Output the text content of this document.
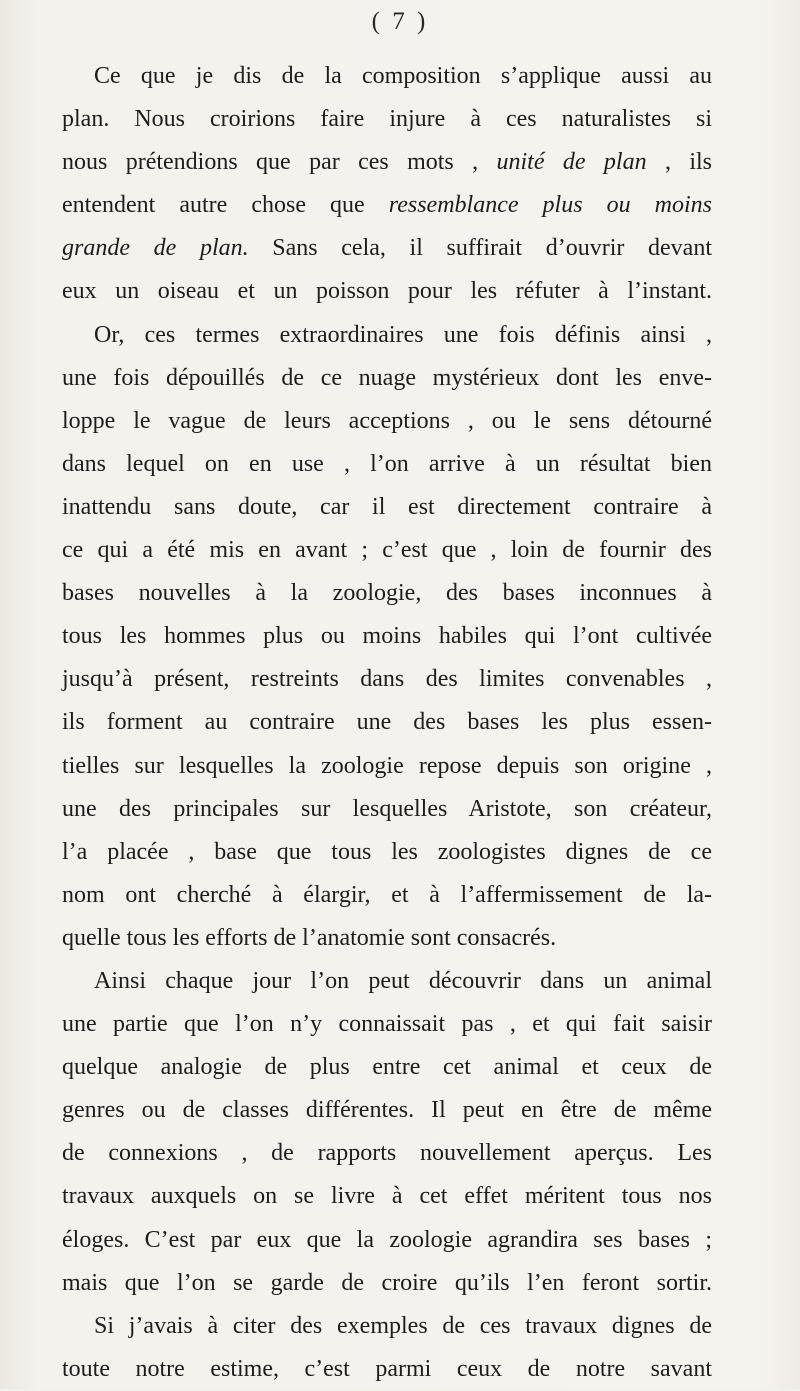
( 7 )
Ce que je dis de la composition s’applique aussi au
plan. Nous croirions faire injure à ces naturalistes si
nous prétendions que par ces mots , unité de plan , ils
entendent autre chose que ressemblance plus ou moins
grande de plan. Sans cela, il suffirait d’ouvrir devant
eux un oiseau et un poisson pour les réfuter à l’instant.
Or, ces termes extraordinaires une fois définis ainsi ,
une fois dépouillés de ce nuage mystérieux dont les enve-
loppe le vague de leurs acceptions , ou le sens détourné
dans lequel on en use , l’on arrive à un résultat bien
inattendu sans doute, car il est directement contraire à
ce qui a été mis en avant ; c’est que , loin de fournir des
bases nouvelles à la zoologie, des bases inconnues à
tous les hommes plus ou moins habiles qui l’ont cultivée
jusqu’à présent, restreints dans des limites convenables ,
ils forment au contraire une des bases les plus essen-
tielles sur lesquelles la zoologie repose depuis son origine ,
une des principales sur lesquelles Aristote, son créateur,
l’a placée , base que tous les zoologistes dignes de ce
nom ont cherché à élargir, et à l’affermissement de la-
quelle tous les efforts de l’anatomie sont consacrés.
Ainsi chaque jour l’on peut découvrir dans un animal
une partie que l’on n’y connaissait pas , et qui fait saisir
quelque analogie de plus entre cet animal et ceux de
genres ou de classes différentes. Il peut en être de même
de connexions , de rapports nouvellement aperçus. Les
travaux auxquels on se livre à cet effet méritent tous nos
éloges. C’est par eux que la zoologie agrandira ses bases ;
mais que l’on se garde de croire qu’ils l’en feront sortir.
Si j’avais à citer des exemples de ces travaux dignes de
toute notre estime, c’est parmi ceux de notre savant
